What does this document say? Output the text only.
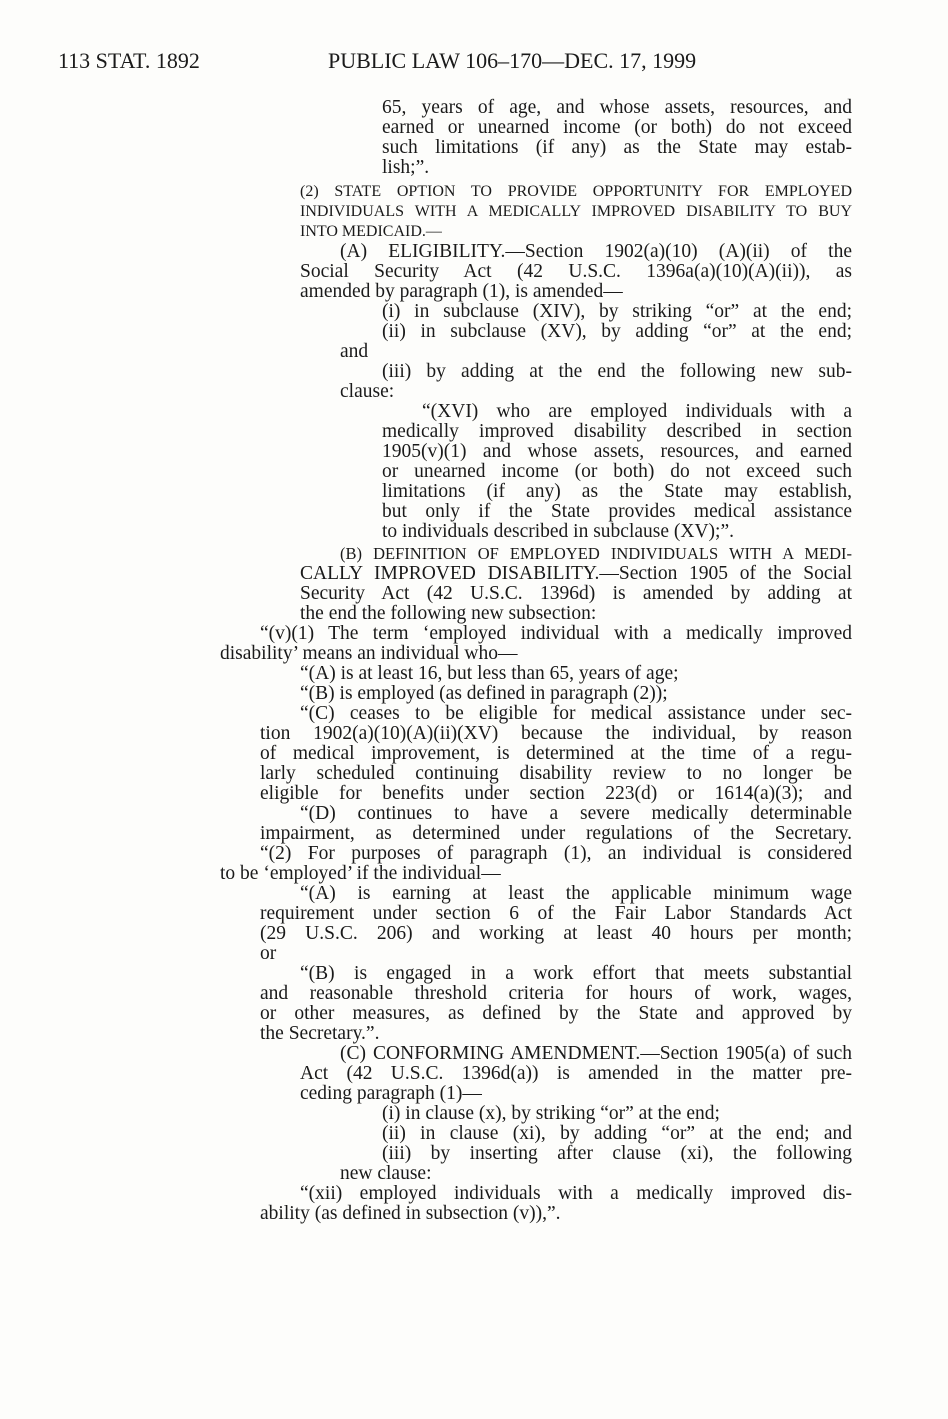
113 STAT. 1892	PUBLIC LAW 106–170—DEC. 17, 1999
65, years of age, and whose assets, resources, and
earned or unearned income (or both) do not exceed
such limitations (if any) as the State may estab-
lish;”.
(2) STATE OPTION TO PROVIDE OPPORTUNITY FOR EMPLOYED
INDIVIDUALS WITH A MEDICALLY IMPROVED DISABILITY TO BUY
INTO MEDICAID.—
(A) ELIGIBILITY.—Section 1902(a)(10) (A)(ii) of the
Social Security Act (42 U.S.C. 1396a(a)(10)(A)(ii)), as
amended by paragraph (1), is amended—
(i) in subclause (XIV), by striking “or” at the end;
(ii) in subclause (XV), by adding “or” at the end;
and
(iii) by adding at the end the following new sub-
clause:
“(XVI) who are employed individuals with a
medically improved disability described in section
1905(v)(1) and whose assets, resources, and earned
or unearned income (or both) do not exceed such
limitations (if any) as the State may establish,
but only if the State provides medical assistance
to individuals described in subclause (XV);”.
(B) DEFINITION OF EMPLOYED INDIVIDUALS WITH A MEDI-
CALLY IMPROVED DISABILITY.—Section 1905 of the Social
Security Act (42 U.S.C. 1396d) is amended by adding at
the end the following new subsection:
“(v)(1) The term ‘employed individual with a medically improved
disability’ means an individual who—
“(A) is at least 16, but less than 65, years of age;
“(B) is employed (as defined in paragraph (2));
“(C) ceases to be eligible for medical assistance under sec-
tion 1902(a)(10)(A)(ii)(XV) because the individual, by reason
of medical improvement, is determined at the time of a regu-
larly scheduled continuing disability review to no longer be
eligible for benefits under section 223(d) or 1614(a)(3); and
“(D) continues to have a severe medically determinable
impairment, as determined under regulations of the Secretary.
“(2) For purposes of paragraph (1), an individual is considered
to be ‘employed’ if the individual—
“(A) is earning at least the applicable minimum wage
requirement under section 6 of the Fair Labor Standards Act
(29 U.S.C. 206) and working at least 40 hours per month;
or
“(B) is engaged in a work effort that meets substantial
and reasonable threshold criteria for hours of work, wages,
or other measures, as defined by the State and approved by
the Secretary.”.
(C) CONFORMING AMENDMENT.—Section 1905(a) of such
Act (42 U.S.C. 1396d(a)) is amended in the matter pre-
ceding paragraph (1)—
(i) in clause (x), by striking “or” at the end;
(ii) in clause (xi), by adding “or” at the end; and
(iii) by inserting after clause (xi), the following
new clause:
“(xii) employed individuals with a medically improved dis-
ability (as defined in subsection (v)),”.
